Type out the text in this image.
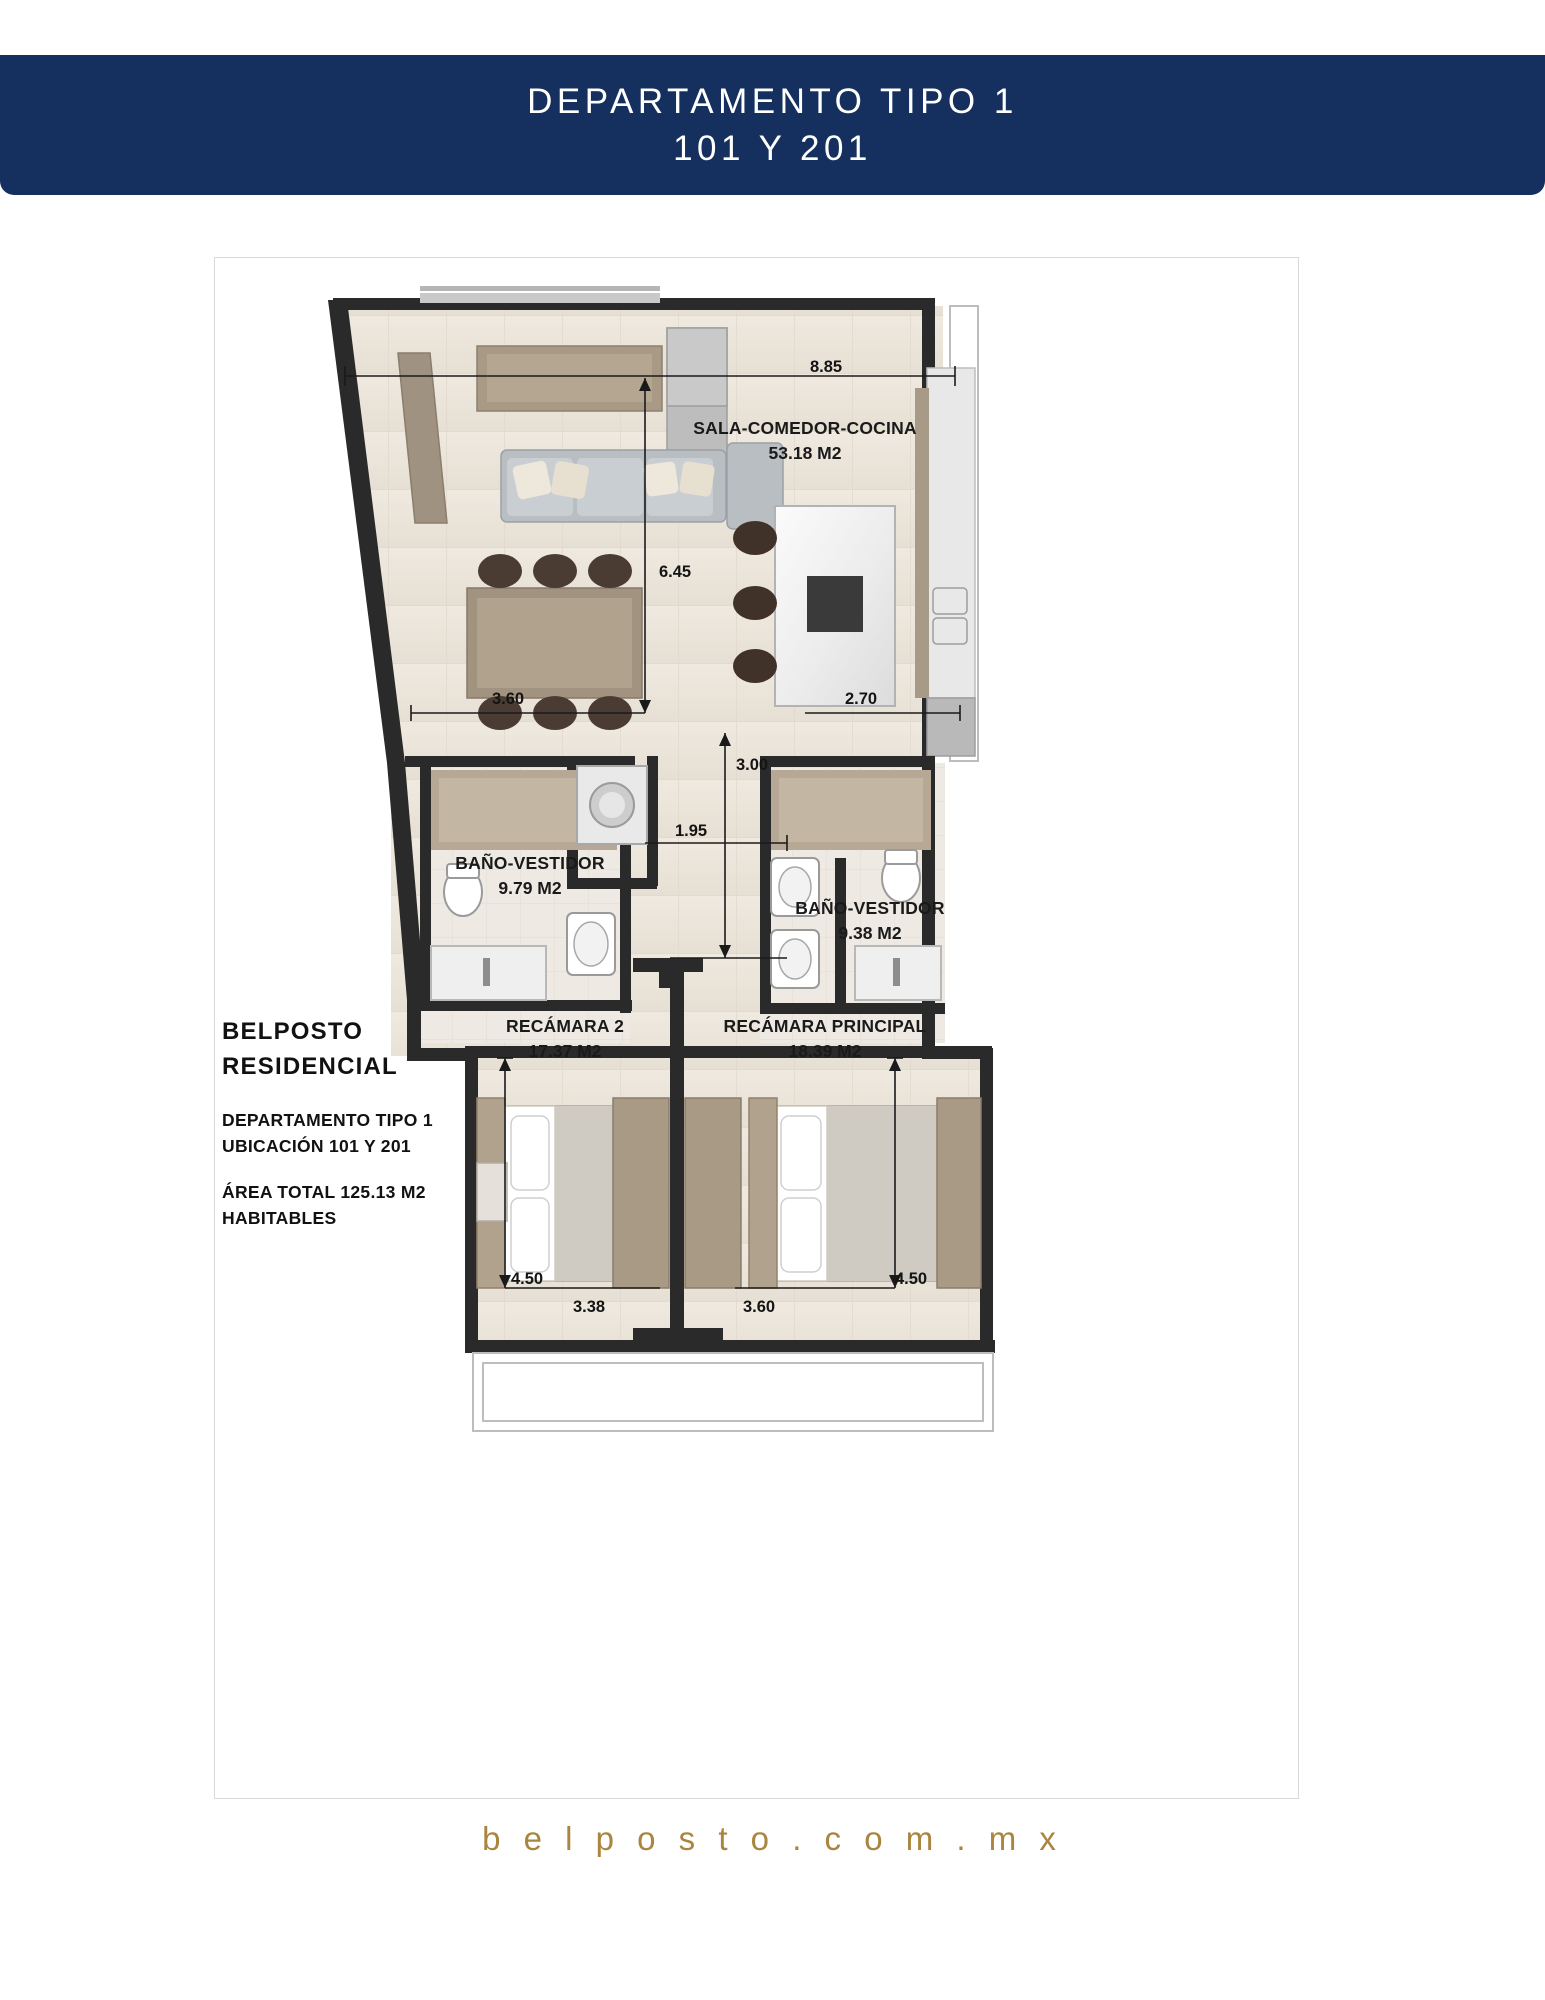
DEPARTAMENTO TIPO 1
101 Y 201
SALA-COMEDOR-COCINA
53.18 M2
BAÑO-VESTIDOR
9.79 M2
BAÑO-VESTIDOR
9.38 M2
RECÁMARA 2
17.37 M2
RECÁMARA PRINCIPAL
18.39 M2
8.85
6.45
3.60	2.70
3.00
1.95
4.50
3.38	3.60
4.50
BELPOSTO
RESIDENCIAL
DEPARTAMENTO TIPO 1
UBICACIÓN 101 Y 201
ÁREA TOTAL 125.13 M2
HABITABLES
b e l p o s t o . c o m . m x
